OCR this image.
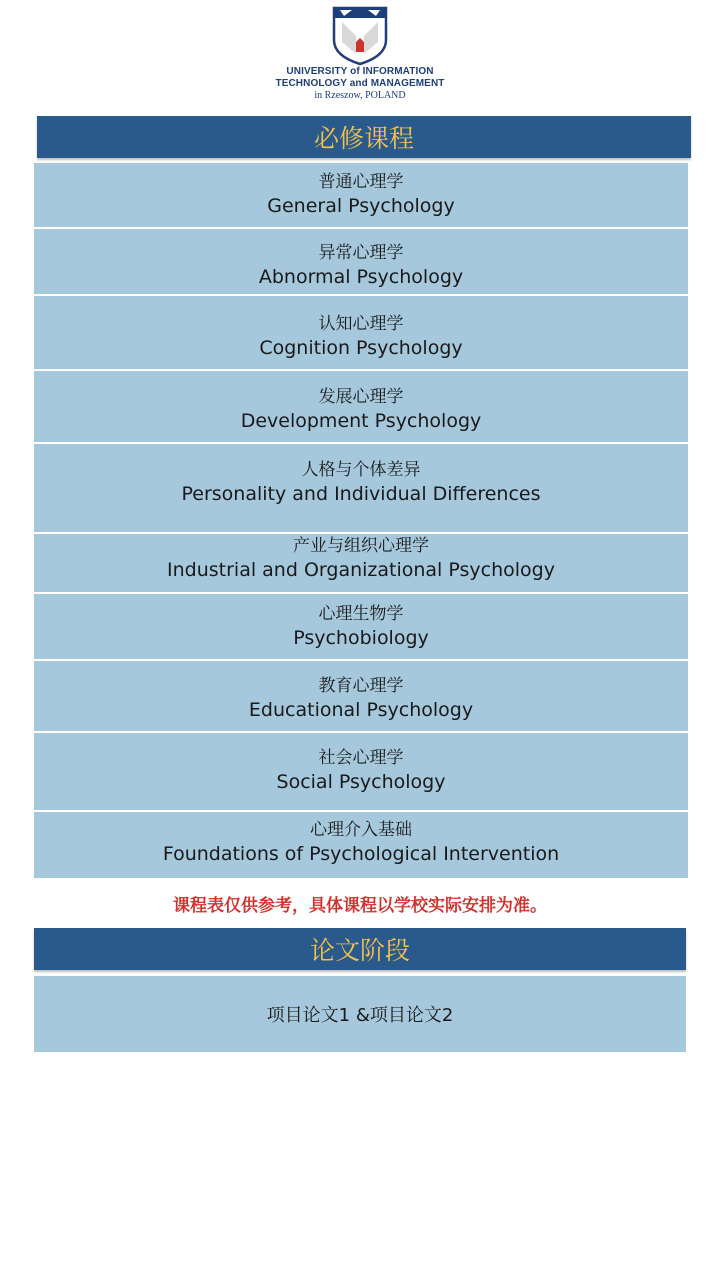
UNIVERSITY of INFORMATION
TECHNOLOGY and MANAGEMENT
in Rzeszow, POLAND
必修课程
普通心理学
General Psychology
异常心理学
Abnormal Psychology
认知心理学
Cognition Psychology
发展心理学
Development Psychology
人格与个体差异
Personality and Individual Differences
产业与组织心理学
Industrial and Organizational Psychology
心理生物学
Psychobiology
教育心理学
Educational Psychology
社会心理学
Social Psychology
心理介入基础
Foundations of Psychological Intervention
课程表仅供参考，具体课程以学校实际安排为准。
论文阶段
项目论文1 &项目论文2
